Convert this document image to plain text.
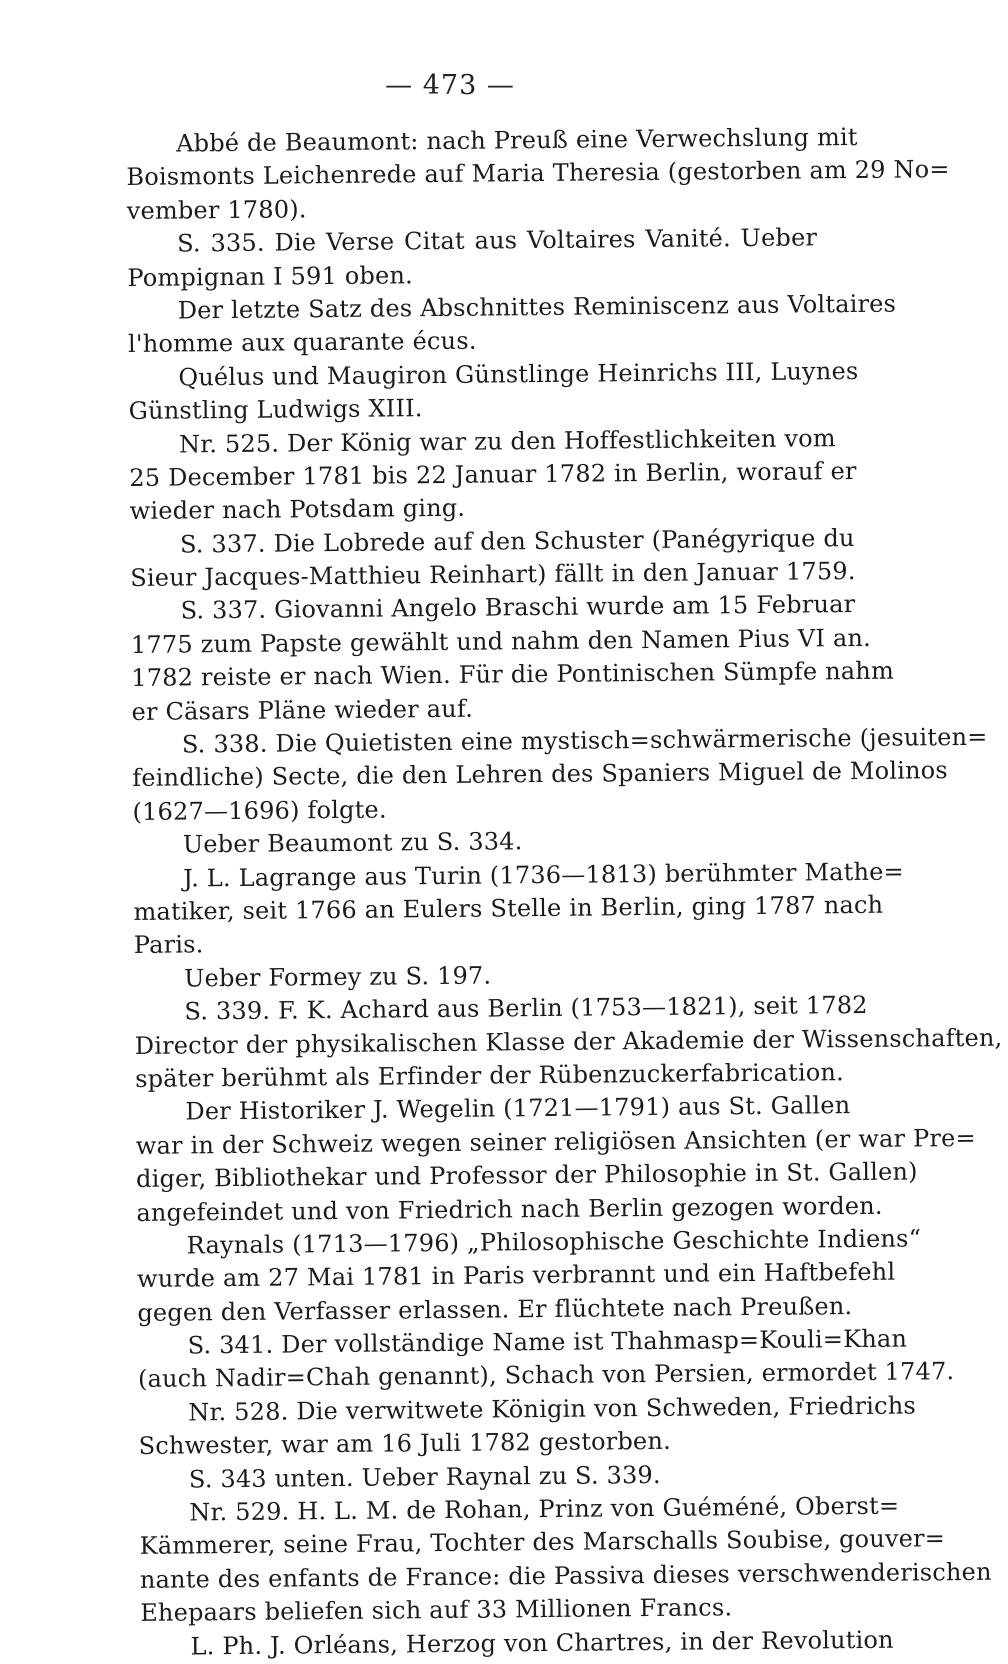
— 473 —
Abbé de Beaumont: nach Preuß eine Verwechslung mit
Boismonts Leichenrede auf Maria Theresia (gestorben am 29 No=
vember 1780).
S. 335. Die Verse Citat aus Voltaires Vanité. Ueber
Pompignan I 591 oben.
Der letzte Satz des Abschnittes Reminiscenz aus Voltaires
l'homme aux quarante écus.
Quélus und Maugiron Günstlinge Heinrichs III, Luynes
Günstling Ludwigs XIII.
Nr. 525. Der König war zu den Hoffestlichkeiten vom
25 December 1781 bis 22 Januar 1782 in Berlin, worauf er
wieder nach Potsdam ging.
S. 337. Die Lobrede auf den Schuster (Panégyrique du
Sieur Jacques-Matthieu Reinhart) fällt in den Januar 1759.
S. 337. Giovanni Angelo Braschi wurde am 15 Februar
1775 zum Papste gewählt und nahm den Namen Pius VI an.
1782 reiste er nach Wien. Für die Pontinischen Sümpfe nahm
er Cäsars Pläne wieder auf.
S. 338. Die Quietisten eine mystisch=schwärmerische (jesuiten=
feindliche) Secte, die den Lehren des Spaniers Miguel de Molinos
(1627—1696) folgte.
Ueber Beaumont zu S. 334.
J. L. Lagrange aus Turin (1736—1813) berühmter Mathe=
matiker, seit 1766 an Eulers Stelle in Berlin, ging 1787 nach
Paris.
Ueber Formey zu S. 197.
S. 339. F. K. Achard aus Berlin (1753—1821), seit 1782
Director der physikalischen Klasse der Akademie der Wissenschaften,
später berühmt als Erfinder der Rübenzuckerfabrication.
Der Historiker J. Wegelin (1721—1791) aus St. Gallen
war in der Schweiz wegen seiner religiösen Ansichten (er war Pre=
diger, Bibliothekar und Professor der Philosophie in St. Gallen)
angefeindet und von Friedrich nach Berlin gezogen worden.
Raynals (1713—1796) „Philosophische Geschichte Indiens“
wurde am 27 Mai 1781 in Paris verbrannt und ein Haftbefehl
gegen den Verfasser erlassen. Er flüchtete nach Preußen.
S. 341. Der vollständige Name ist Thahmasp=Kouli=Khan
(auch Nadir=Chah genannt), Schach von Persien, ermordet 1747.
Nr. 528. Die verwitwete Königin von Schweden, Friedrichs
Schwester, war am 16 Juli 1782 gestorben.
S. 343 unten. Ueber Raynal zu S. 339.
Nr. 529. H. L. M. de Rohan, Prinz von Guéméné, Oberst=
Kämmerer, seine Frau, Tochter des Marschalls Soubise, gouver=
nante des enfants de France: die Passiva dieses verschwenderischen
Ehepaars beliefen sich auf 33 Millionen Francs.
L. Ph. J. Orléans, Herzog von Chartres, in der Revolution
